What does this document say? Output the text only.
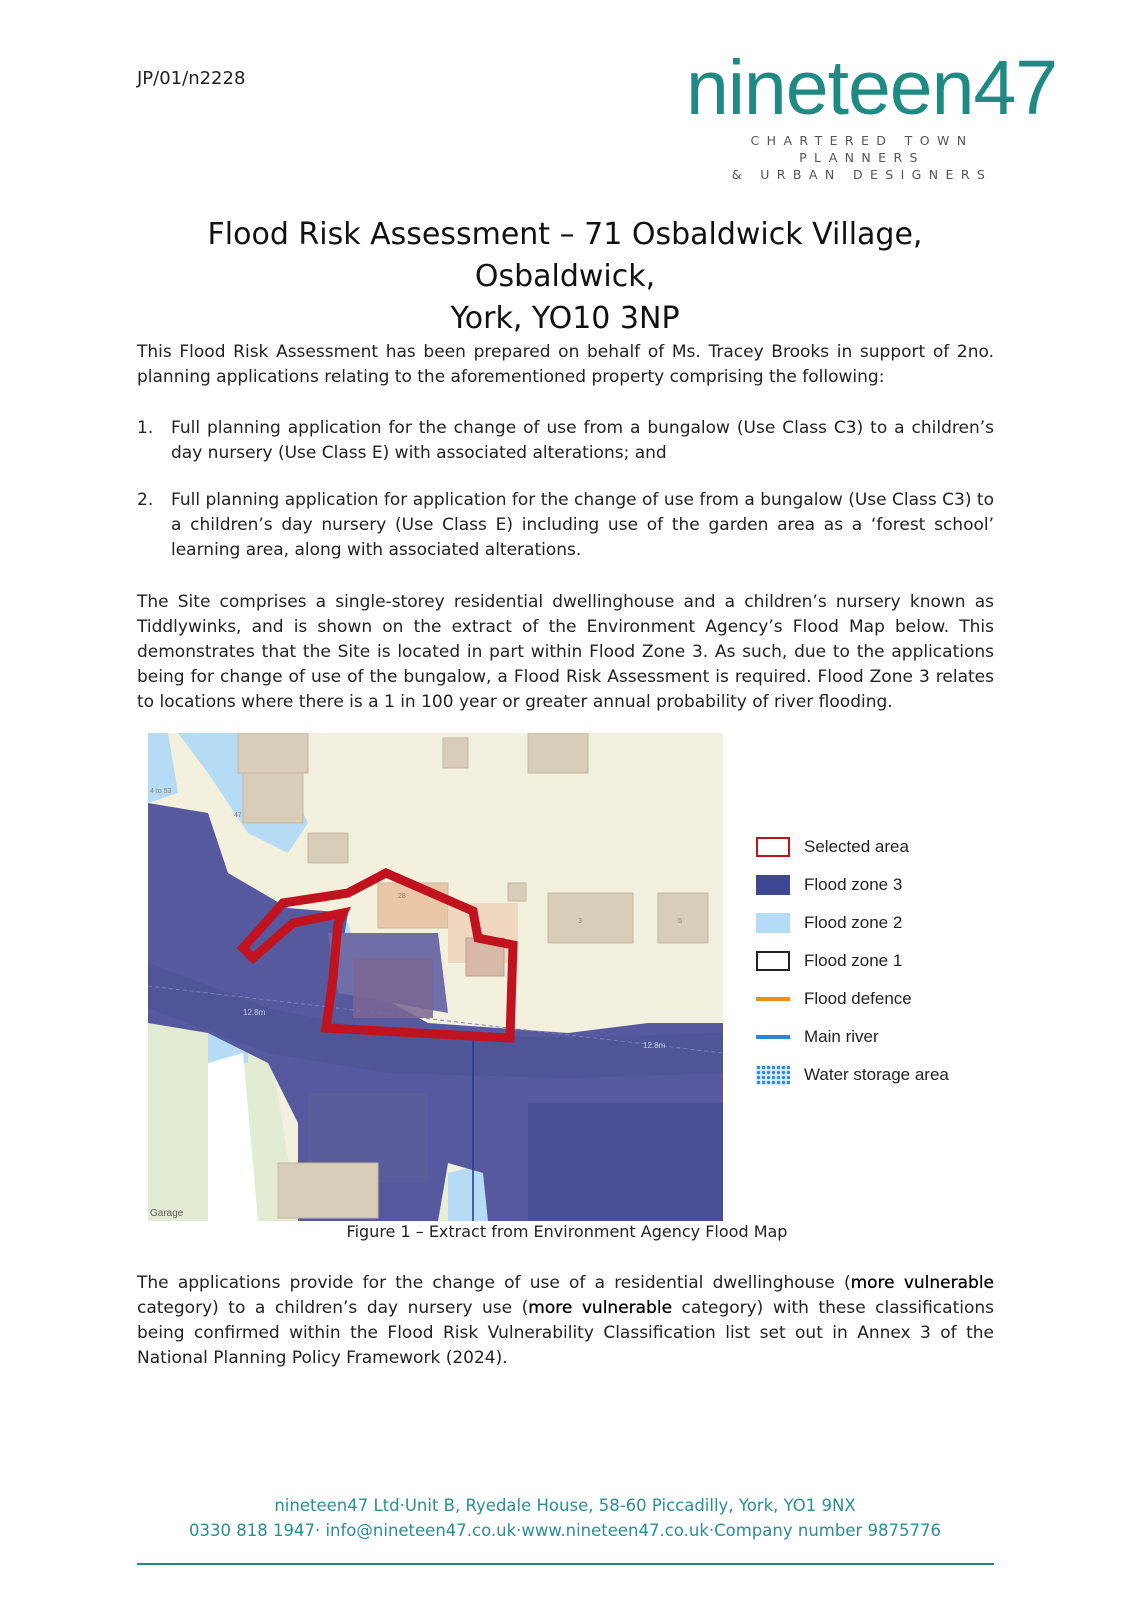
JP/01/n2228	nineteen47
CHARTERED TOWN PLANNERS
& URBAN DESIGNERS
Flood Risk Assessment – 71 Osbaldwick Village, Osbaldwick,
York, YO10 3NP
This Flood Risk Assessment has been prepared on behalf of Ms. Tracey Brooks in support of 2no. planning applications relating to the aforementioned property comprising the following:
1.	Full planning application for the change of use from a bungalow (Use Class C3) to a children’s day nursery (Use Class E) with associated alterations; and
2.	Full planning application for application for the change of use from a bungalow (Use Class C3) to a children’s day nursery (Use Class E) including use of the garden area as a ‘forest school’ learning area, along with associated alterations.
The Site comprises a single-storey residential dwellinghouse and a children’s nursery known as Tiddlywinks, and is shown on the extract of the Environment Agency’s Flood Map below. This demonstrates that the Site is located in part within Flood Zone 3. As such, due to the applications being for change of use of the bungalow, a Flood Risk Assessment is required. Flood Zone 3 relates to locations where there is a 1 in 100 year or greater annual probability of river flooding.
Garage
12.8m
12.8m
28
3	5
47
4 to 53
Selected area
Flood zone 3
Flood zone 2
Flood zone 1
Flood defence
Main river
Water storage area
Figure 1 – Extract from Environment Agency Flood Map
The applications provide for the change of use of a residential dwellinghouse (more vulnerable category) to a children’s day nursery use (more vulnerable category) with these classifications being confirmed within the Flood Risk Vulnerability Classification list set out in Annex 3 of the National Planning Policy Framework (2024).
nineteen47 Ltd·Unit B, Ryedale House, 58-60 Piccadilly, York, YO1 9NX
0330 818 1947· info@nineteen47.co.uk·www.nineteen47.co.uk·Company number 9875776
